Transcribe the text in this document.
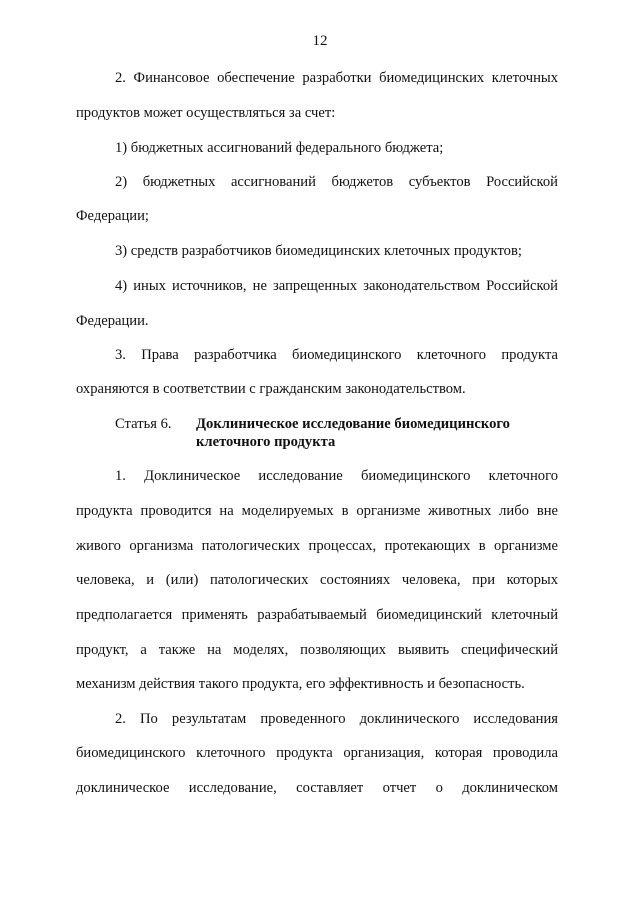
12
2. Финансовое обеспечение разработки биомедицинских клеточных
продуктов может осуществляться за счет:
1) бюджетных ассигнований федерального бюджета;
2) бюджетных ассигнований бюджетов субъектов Российской
Федерации;
3) средств разработчиков биомедицинских клеточных продуктов;
4) иных источников, не запрещенных законодательством Российской
Федерации.
3. Права разработчика биомедицинского клеточного продукта
охраняются в соответствии с гражданским законодательством.
Статья 6. Доклиническое исследование биомедицинского
клеточного продукта
1. Доклиническое исследование биомедицинского клеточного
продукта проводится на моделируемых в организме животных либо вне
живого организма патологических процессах, протекающих в организме
человека, и (или) патологических состояниях человека, при которых
предполагается применять разрабатываемый биомедицинский клеточный
продукт, а также на моделях, позволяющих выявить специфический
механизм действия такого продукта, его эффективность и безопасность.
2. По результатам проведенного доклинического исследования
биомедицинского клеточного продукта организация, которая проводила
доклиническое исследование, составляет отчет о доклиническом
